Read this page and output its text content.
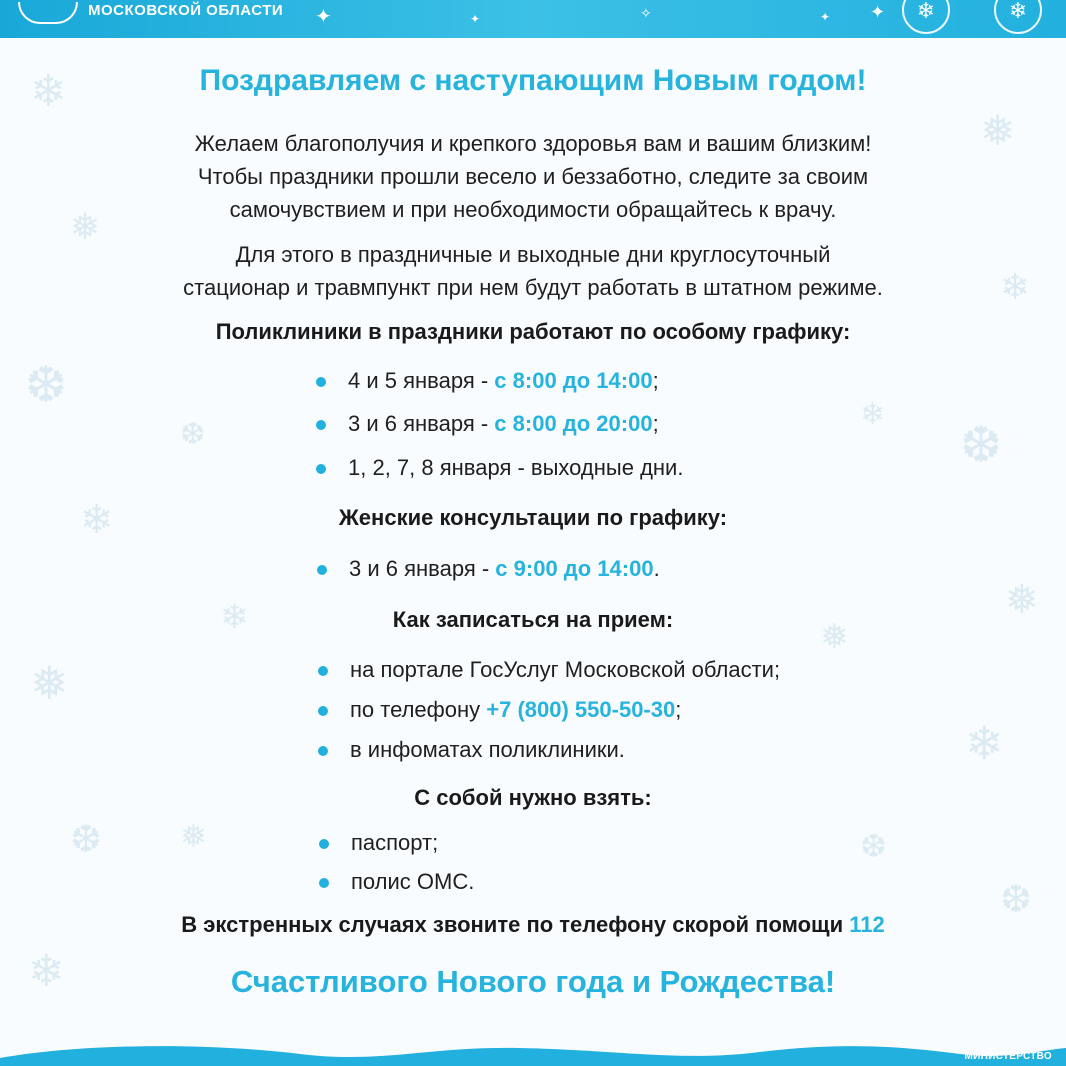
❄
❅
❆
❄
❅
❆
❄
❅
❄
❆
❅
❄
❆
❄	❅
❆
❄
❅	❆
МОСКОВСКОЙ ОБЛАСТИ ✦	✦	✧	✦ ✦	❄	❄
Поздравляем с наступающим Новым годом!
Желаем благополучия и крепкого здоровья вам и вашим близким!
Чтобы праздники прошли весело и беззаботно, следите за своим
самочувствием и при необходимости обращайтесь к врачу.
Для этого в праздничные и выходные дни круглосуточный
стационар и травмпункт при нем будут работать в штатном режиме.
Поликлиники в праздники работают по особому графику:
4 и 5 января - с 8:00 до 14:00;
3 и 6 января - с 8:00 до 20:00;
1, 2, 7, 8 января - выходные дни.
Женские консультации по графику:
3 и 6 января - с 9:00 до 14:00.
Как записаться на прием:
на портале ГосУслуг Московской области;
по телефону +7 (800) 550-50-30;
в инфоматах поликлиники.
С собой нужно взять:
паспорт;
полис ОМС.
В экстренных случаях звоните по телефону скорой помощи 112
Счастливого Нового года и Рождества!
МИНИСТЕРСТВО
